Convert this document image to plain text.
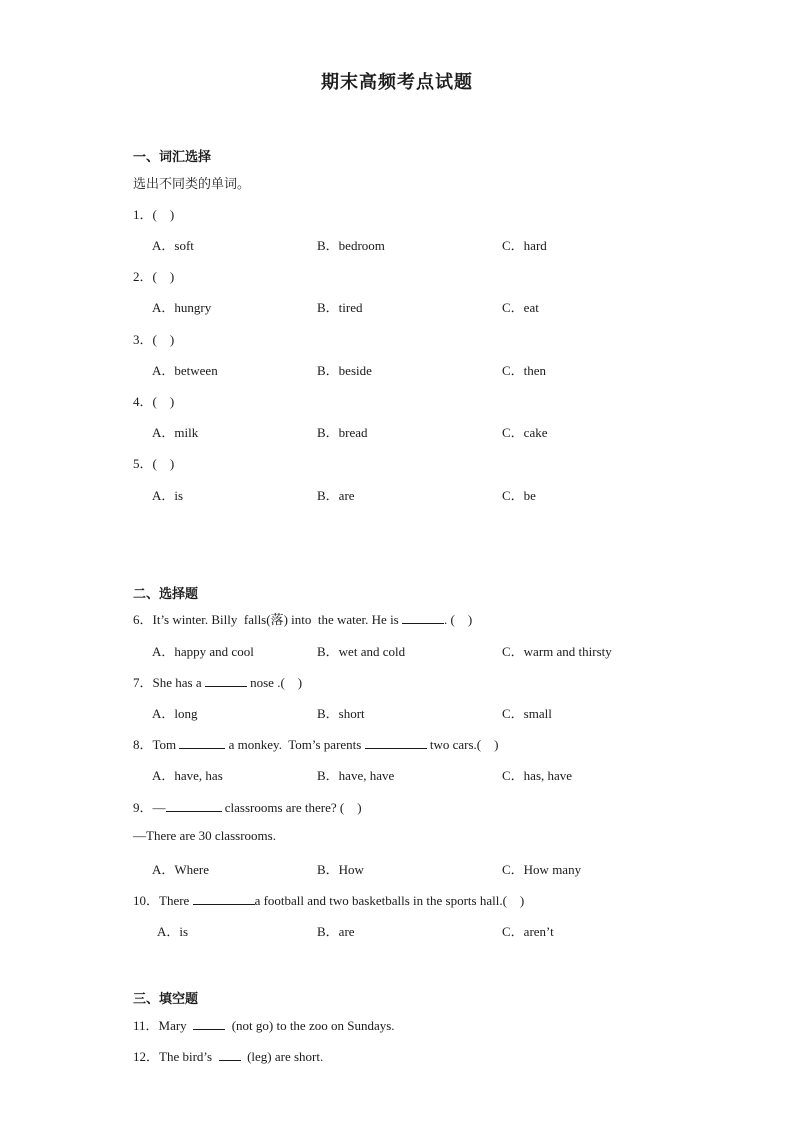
期末高频考点试题
一、词汇选择
选出不同类的单词。
1．(    )
A．soft	B．bedroom	C．hard
2．(    )
A．hungry	B．tired	C．eat
3．(    )
A．between	B．beside	C．then
4．(    )
A．milk	B．bread	C．cake
5．(    )
A．is	B．are	C．be
二、选择题
6．It’s winter. Billy  falls(落) into  the water. He is	. (    )
A．happy and cool	B．wet and cold	C．warm and thirsty
7．She has a	nose .(    )
A．long	B．short	C．small
8．Tom	a monkey.  Tom’s parents	two cars.(    )
A．have, has	B．have, have	C．has, have
9．—	classrooms are there? (    )
—There are 30 classrooms.
A．Where	B．How	C．How many
10．There	a football and two basketballs in the sports hall.(    )
A．is	B．are	C．aren’t
三、填空题
11．Mary    (not go) to the zoo on Sundays.
12．The bird’s    (leg) are short.
